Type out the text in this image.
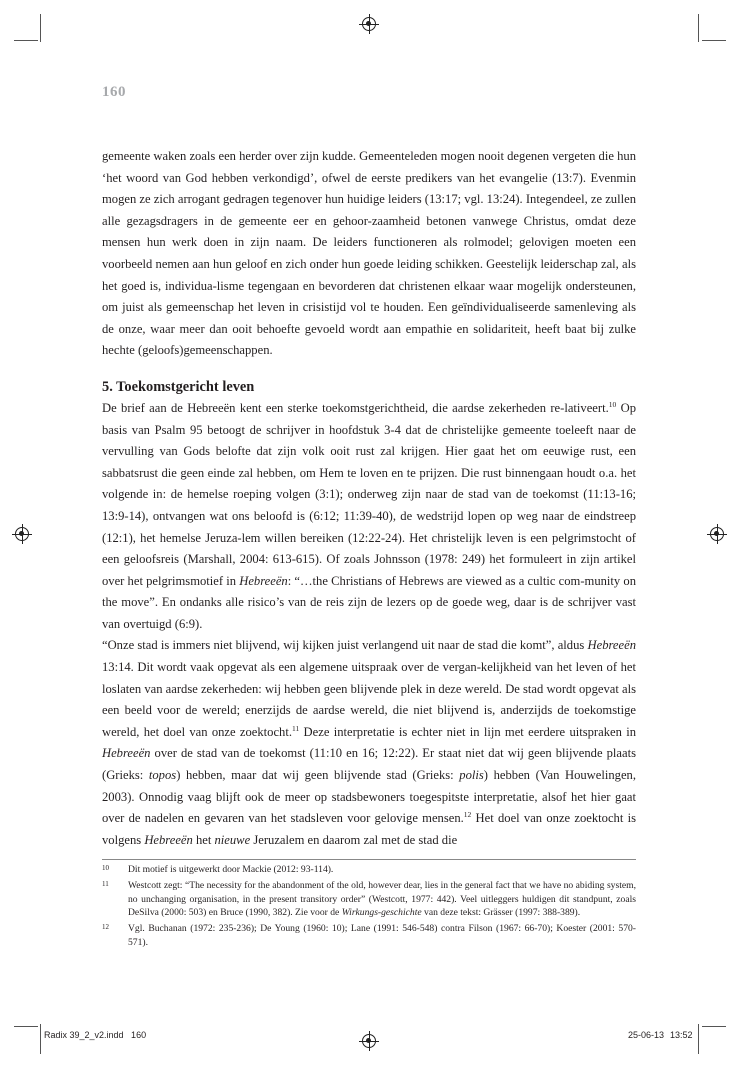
160

gemeente waken zoals een herder over zijn kudde. Gemeenteleden mogen nooit degenen vergeten die hun ‘het woord van God hebben verkondigd’, ofwel de eerste predikers van het evangelie (13:7). Evenmin mogen ze zich arrogant gedragen tegenover hun huidige leiders (13:17; vgl. 13:24). Integendeel, ze zullen alle gezagsdragers in de gemeente eer en gehoor-zaamheid betonen vanwege Christus, omdat deze mensen hun werk doen in zijn naam. De leiders functioneren als rolmodel; gelovigen moeten een voorbeeld nemen aan hun geloof en zich onder hun goede leiding schikken. Geestelijk leiderschap zal, als het goed is, individua-lisme tegengaan en bevorderen dat christenen elkaar waar mogelijk ondersteunen, om juist als gemeenschap het leven in crisistijd vol te houden. Een geïndividualiseerde samenleving als de onze, waar meer dan ooit behoefte gevoeld wordt aan empathie en solidariteit, heeft baat bij zulke hechte (geloofs)gemeenschappen.

5. Toekomstgericht leven

De brief aan de Hebreeën kent een sterke toekomstgerichtheid, die aardse zekerheden re-lativeert.$^{10}$ Op basis van Psalm 95 betoogt de schrijver in hoofdstuk 3-4 dat de christelijke gemeente toeleeft naar de vervulling van Gods belofte dat zijn volk ooit rust zal krijgen. Hier gaat het om eeuwige rust, een sabbatsrust die geen einde zal hebben, om Hem te loven en te prijzen. Die rust binnengaan houdt o.a. het volgende in: de hemelse roeping volgen (3:1); onderweg zijn naar de stad van de toekomst (11:13-16; 13:9-14), ontvangen wat ons beloofd is (6:12; 11:39-40), de wedstrijd lopen op weg naar de eindstreep (12:1), het hemelse Jeruza-lem willen bereiken (12:22-24). Het christelijk leven is een pelgrimstocht of een geloofsreis (Marshall, 2004: 613-615). Of zoals Johnsson (1978: 249) het formuleert in zijn artikel over het pelgrimsmotief in Hebreeën: “…the Christians of Hebrews are viewed as a cultic com-munity on the move”. En ondanks alle risico’s van de reis zijn de lezers op de goede weg, daar is de schrijver vast van overtuigd (6:9).

“Onze stad is immers niet blijvend, wij kijken juist verlangend uit naar de stad die komt”, aldus Hebreeën 13:14. Dit wordt vaak opgevat als een algemene uitspraak over de vergan-kelijkheid van het leven of het loslaten van aardse zekerheden: wij hebben geen blijvende plek in deze wereld. De stad wordt opgevat als een beeld voor de wereld; enerzijds de aardse wereld, die niet blijvend is, anderzijds de toekomstige wereld, het doel van onze zoektocht.$^{11}$ Deze interpretatie is echter niet in lijn met eerdere uitspraken in Hebreeën over de stad van de toekomst (11:10 en 16; 12:22). Er staat niet dat wij geen blijvende plaats (Grieks: topos) hebben, maar dat wij geen blijvende stad (Grieks: polis) hebben (Van Houwelingen, 2003). Onnodig vaag blijft ook de meer op stadsbewoners toegespitste interpretatie, alsof het hier gaat over de nadelen en gevaren van het stadsleven voor gelovige mensen.$^{12}$ Het doel van onze zoektocht is volgens Hebreeën het nieuwe Jeruzalem en daarom zal met de stad die

10 Dit motief is uitgewerkt door Mackie (2012: 93-114).
11 Westcott zegt: “The necessity for the abandonment of the old, however dear, lies in the general fact that we have no abiding system, no unchanging organisation, in the present transitory order” (Westcott, 1977: 442). Veel uitleggers huldigen dit standpunt, zoals DeSilva (2000: 503) en Bruce (1990, 382). Zie voor de Wirkungs-geschichte van deze tekst: Grässer (1997: 388-389).
12 Vgl. Buchanan (1972: 235-236); De Young (1960: 10); Lane (1991: 546-548) contra Filson (1967: 66-70); Koester (2001: 570-571).
Radix 39_2_v2.indd   160	25-06-13 13:52
